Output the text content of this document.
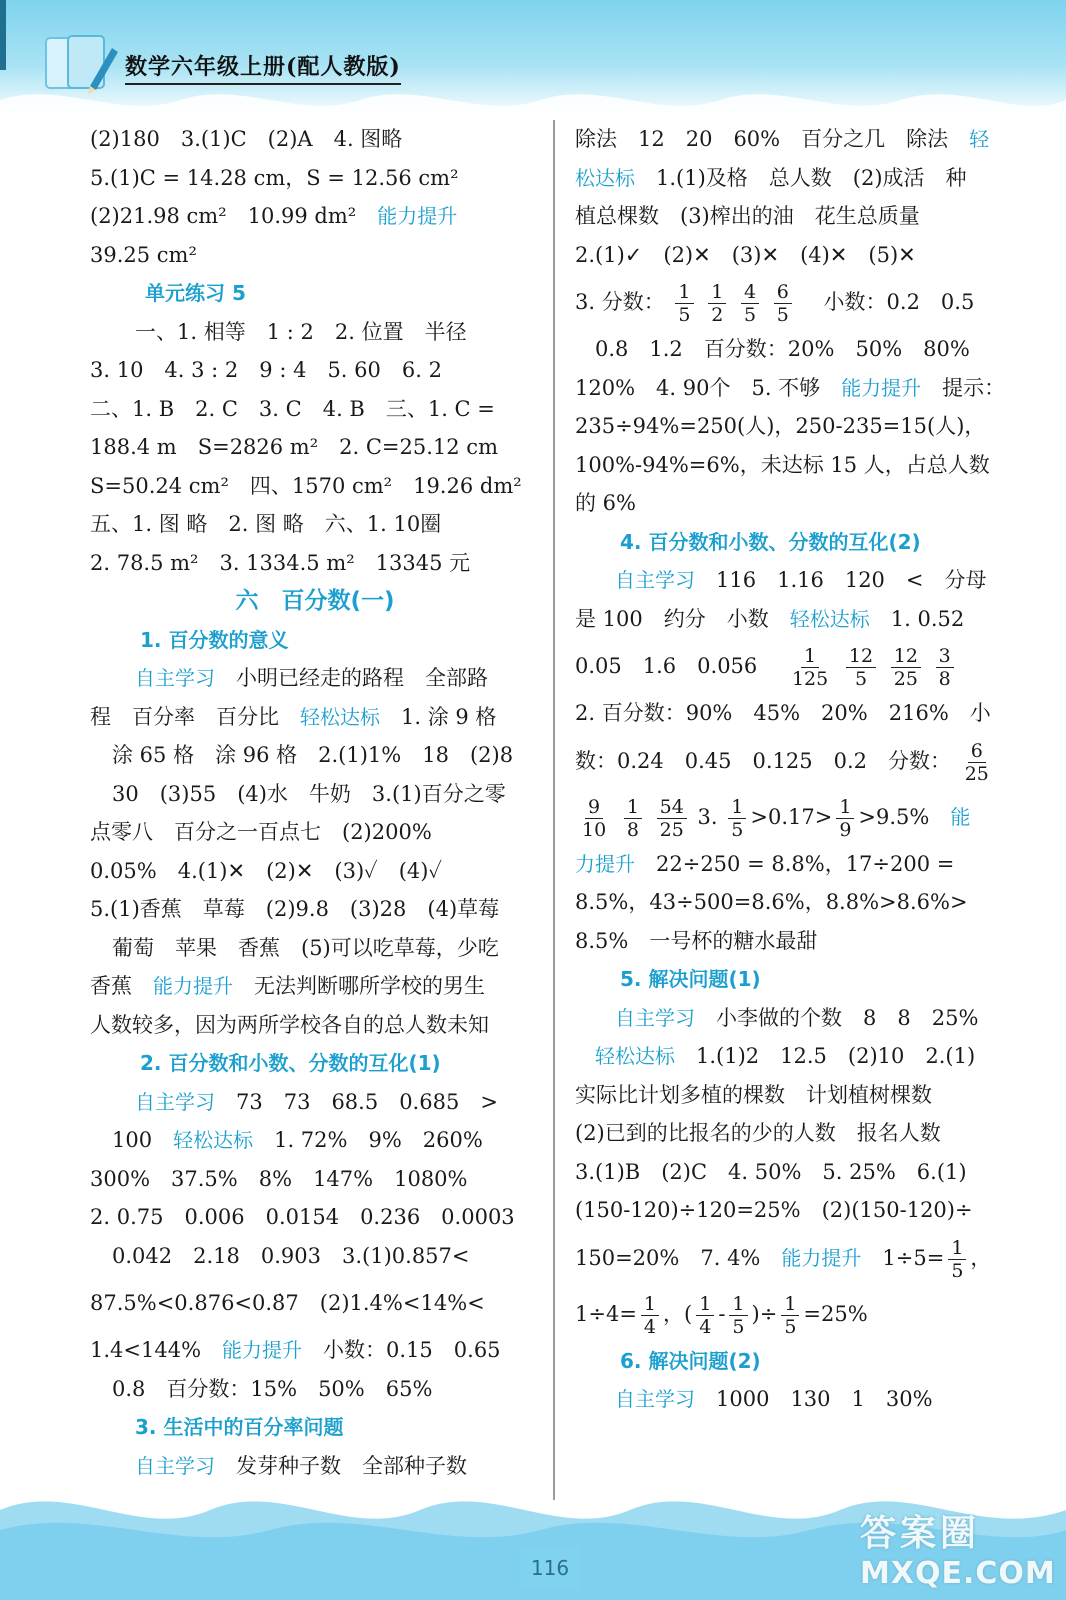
数学六年级上册(配人教版)
(2)180　3.(1)C　(2)A　4. 图略
5.(1)C = 14.28 cm，S = 12.56 cm²
(2)21.98 cm²　10.99 dm²　能力提升
39.25 cm²
单元练习 5
一、1. 相等　1 : 2　2. 位置　半径
3. 10　4. 3 : 2　9 : 4　5. 60　6. 2
二、1. B　2. C　3. C　4. B　三、1. C =
188.4 m　S=2826 m²　2. C=25.12 cm
S=50.24 cm²　四、1570 cm²　19.26 dm²
五、1. 图 略　2. 图 略　六、1. 10圈
2. 78.5 m²　3. 1334.5 m²　13345 元
六　百分数(一)
1. 百分数的意义
自主学习　小明已经走的路程　全部路
程　百分率　百分比　轻松达标　1. 涂 9 格
涂 65 格　涂 96 格　2.(1)1%　18　(2)8
30　(3)55　(4)水　牛奶　3.(1)百分之零
点零八　百分之一百点七　(2)200%
0.05%　4.(1)✕　(2)✕　(3)✓　(4)✓
5.(1)香蕉　草莓　(2)9.8　(3)28　(4)草莓
葡萄　苹果　香蕉　(5)可以吃草莓，少吃
香蕉　能力提升　无法判断哪所学校的男生
人数较多，因为两所学校各自的总人数未知
2. 百分数和小数、分数的互化(1)
自主学习　73　73　68.5　0.685　>
100　轻松达标　1. 72%　9%　260%
300%　37.5%　8%　147%　1080%
2. 0.75　0.006　0.0154　0.236　0.0003
0.042　2.18　0.903　3.(1)0.857<
87.5%<0.876<0.8̇7　(2)1.4%<14%<
1.4<144%　能力提升　小数：0.15　0.65
0.8　百分数：15%　50%　65%
3. 生活中的百分率问题
自主学习　发芽种子数　全部种子数
除法　12　20　60%　百分之几　除法　轻
松达标　1.(1)及格　总人数　(2)成活　种
植总棵数　(3)榨出的油　花生总质量
2.(1)✓　(2)✕　(3)✕　(4)✕　(5)✕
3. 分数： $\frac{1}{5}$
$\frac{1}{2}$
$\frac{4}{5}$
$\frac{6}{5}$ 　小数：0.2　0.5
0.8　1.2　百分数：20%　50%　80%
120%　4. 90个　5. 不够　能力提升　提示：
235÷94%=250(人)，250-235=15(人)，
100%-94%=6%，未达标 15 人，占总人数
的 6%
4. 百分数和小数、分数的互化(2)
自主学习　116　1.16　120　<　分母
是 100　约分　小数　轻松达标　1. 0.52
0.05　1.6　0.056　 $\frac{1}{125}$
$\frac{12}{5}$
$\frac{12}{25}$
$\frac{3}{8}$
2. 百分数：90%　45%　20%　216%　小
数：0.24　0.45　0.125　0.2　分数： $\frac{6}{25}$
$\frac{9}{10}$
$\frac{1}{8}$
$\frac{54}{25} 3$. $\frac{1}{5} >0.17> \frac{1}{9} >9.5\%$　能
力提升　22÷250 = 8.8%，17÷200 =
8.5%，43÷500=8.6%，8.8%>8.6%>
8.5%　一号杯的糖水最甜
5. 解决问题(1)
自主学习　小李做的个数　8　8　25%
轻松达标　1.(1)2　12.5　(2)10　2.(1)
实际比计划多植的棵数　计划植树棵数
(2)已到的比报名的少的人数　报名人数
3.(1)B　(2)C　4. 50%　5. 25%　6.(1)
(150-120)÷120=25%　(2)(150-120)÷
150=20%　7. 4%　能力提升　$1\div 5= \frac{1}{5}$ ，
$1\div 4= \frac{1}{4}$ ，( $\frac{1}{4} - \frac{1}{5}$ )÷ $\frac{1}{5} =25\%$
6. 解决问题(2)
自主学习　1000　130　1　30%
116
答案圈
MXQE.COM
